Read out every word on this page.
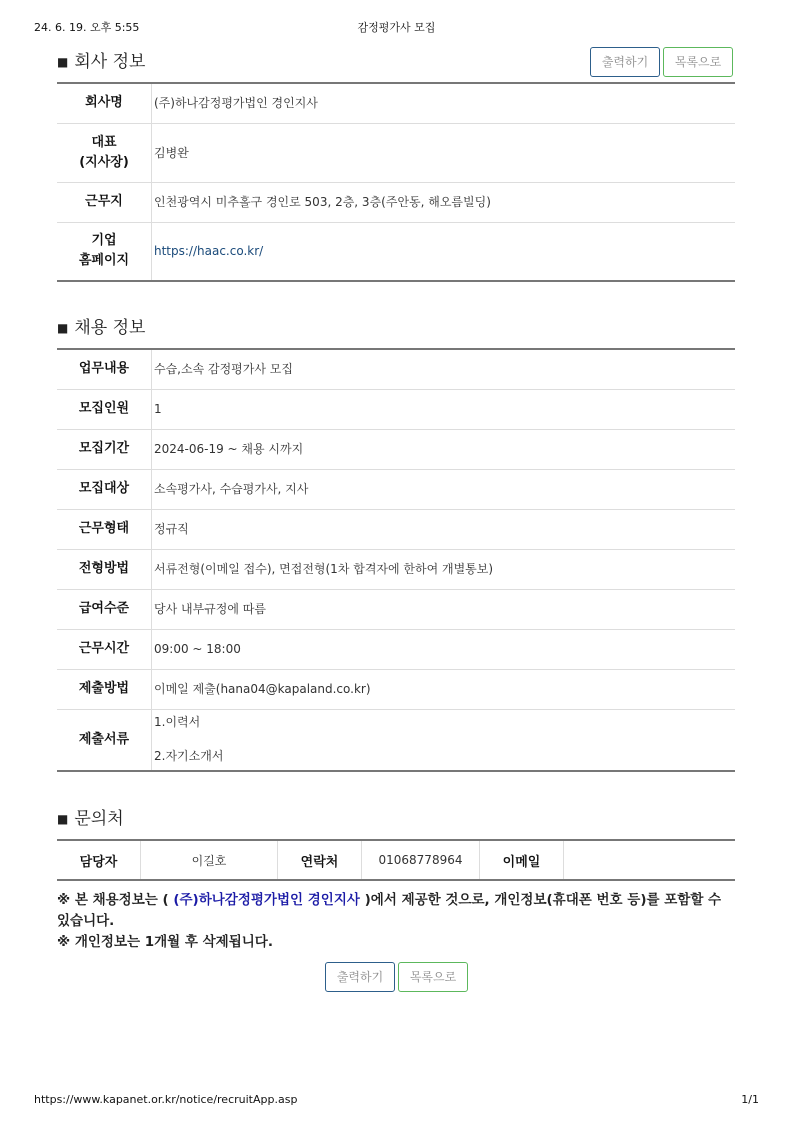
24. 6. 19. 오후 5:55	감정평가사 모집
■ 회사 정보	출력하기	목록으로
회사명	(주)하나감정평가법인 경인지사
대표
(지사장)	김병완
근무지	인천광역시 미추홀구 경인로 503, 2층, 3층(주안동, 해오름빌딩)
기업
홈페이지	https://haac.co.kr/
■ 채용 정보
업무내용	수습,소속 감정평가사 모집
모집인원	1
모집기간	2024-06-19 ~ 채용 시까지
모집대상	소속평가사, 수습평가사, 지사
근무형태	정규직
전형방법	서류전형(이메일 접수), 면접전형(1차 합격자에 한하여 개별통보)
급여수준	당사 내부규정에 따름
근무시간	09:00 ~ 18:00
제출방법	이메일 제출(hana04@kapaland.co.kr)
제출서류	1.이력서

2.자기소개서
■ 문의처
담당자	이길호	연락처	01068778964	이메일	
※ 본 채용정보는 ( (주)하나감정평가법인 경인지사 )에서 제공한 것으로, 개인정보(휴대폰 번호 등)를 포함할 수 있습니다.
※ 개인정보는 1개월 후 삭제됩니다.
출력하기	목록으로
https://www.kapanet.or.kr/notice/recruitApp.asp	1/1
